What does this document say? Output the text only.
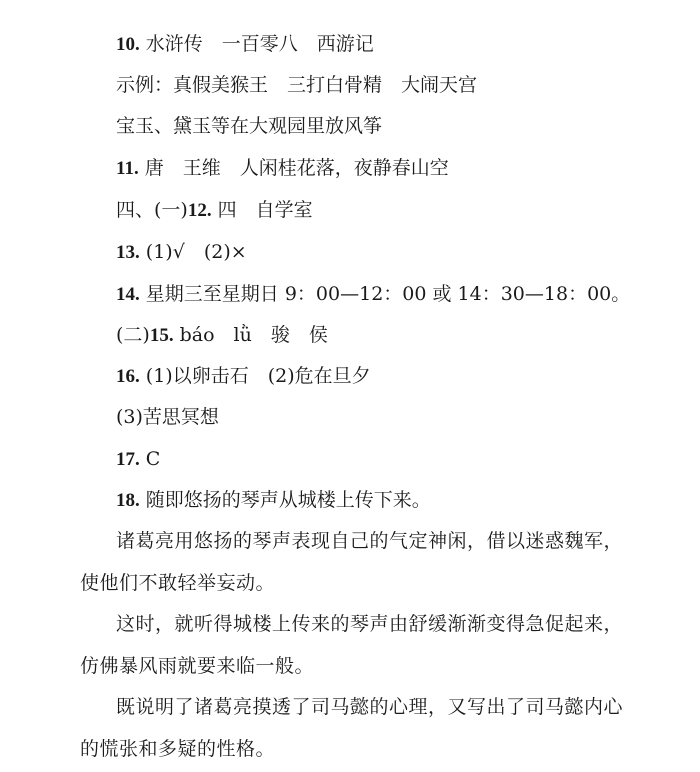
10. 水浒传　一百零八　西游记
示例：真假美猴王　三打白骨精　大闹天宫
宝玉、黛玉等在大观园里放风筝
11. 唐　王维　人闲桂花落，夜静春山空
四、(一)12. 四　自学室
13. (1)√　(2)×
14. 星期三至星期日 9：00—12：00 或 14：30—18：00。
(二)15. báo　lǜ　骏　侯
16. (1)以卵击石　(2)危在旦夕
(3)苦思冥想
17. C
18. 随即悠扬的琴声从城楼上传下来。
诸葛亮用悠扬的琴声表现自己的气定神闲，借以迷惑魏军，使他们不敢轻举妄动。
这时，就听得城楼上传来的琴声由舒缓渐渐变得急促起来，仿佛暴风雨就要来临一般。
既说明了诸葛亮摸透了司马懿的心理，又写出了司马懿内心的慌张和多疑的性格。
